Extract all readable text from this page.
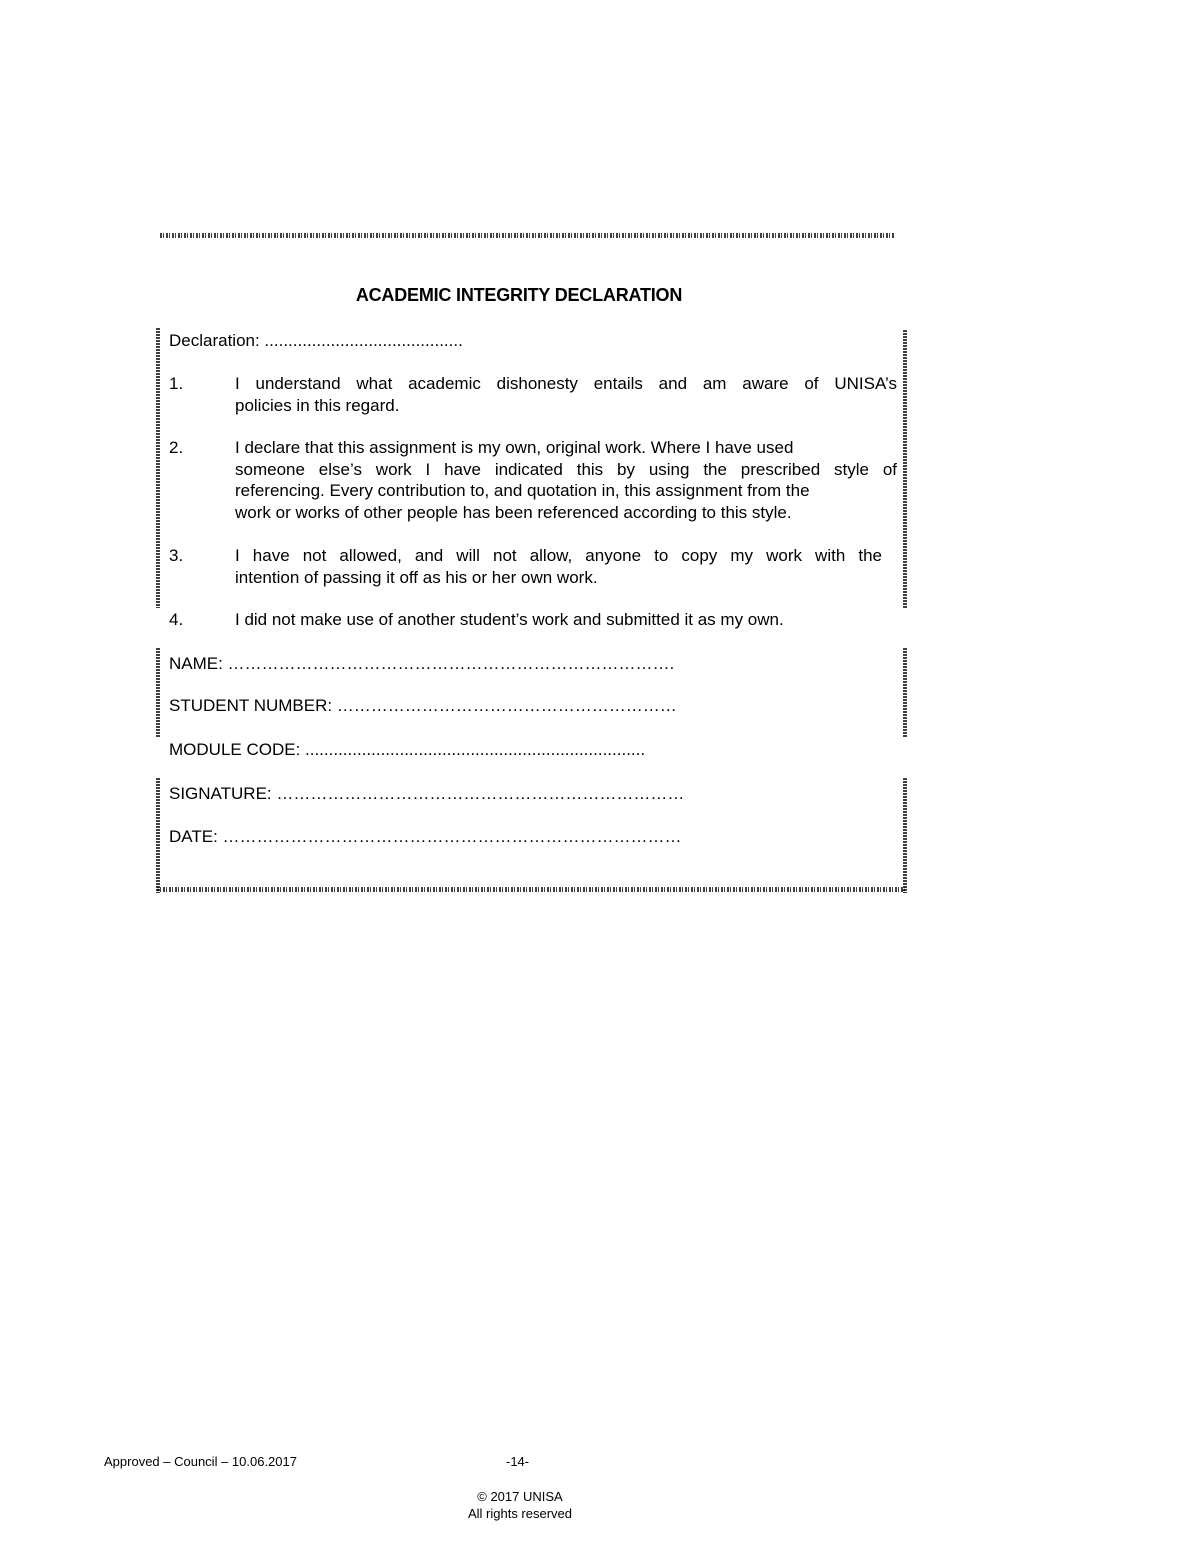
ACADEMIC INTEGRITY DECLARATION
Declaration: ..........................................
1.	I understand what academic dishonesty entails and am aware of UNISA’s
policies in this regard.
2.	I declare that this assignment is my own, original work. Where I have used
someone else’s work I have indicated this by using the prescribed style of
referencing. Every contribution to, and quotation in, this assignment from the
work or works of other people has been referenced according to this style.
3.	I have not allowed, and will not allow, anyone to copy my work with the
intention of passing it off as his or her own work.
4.	I did not make use of another student’s work and submitted it as my own.
NAME: …………………………………………………………………….
STUDENT NUMBER: ……………………………………………………
MODULE CODE: ........................................................................
SIGNATURE: ………………………………………………………………
DATE: ………………………………………………………………………
Approved – Council – 10.06.2017	-14-
© 2017 UNISA
All rights reserved
